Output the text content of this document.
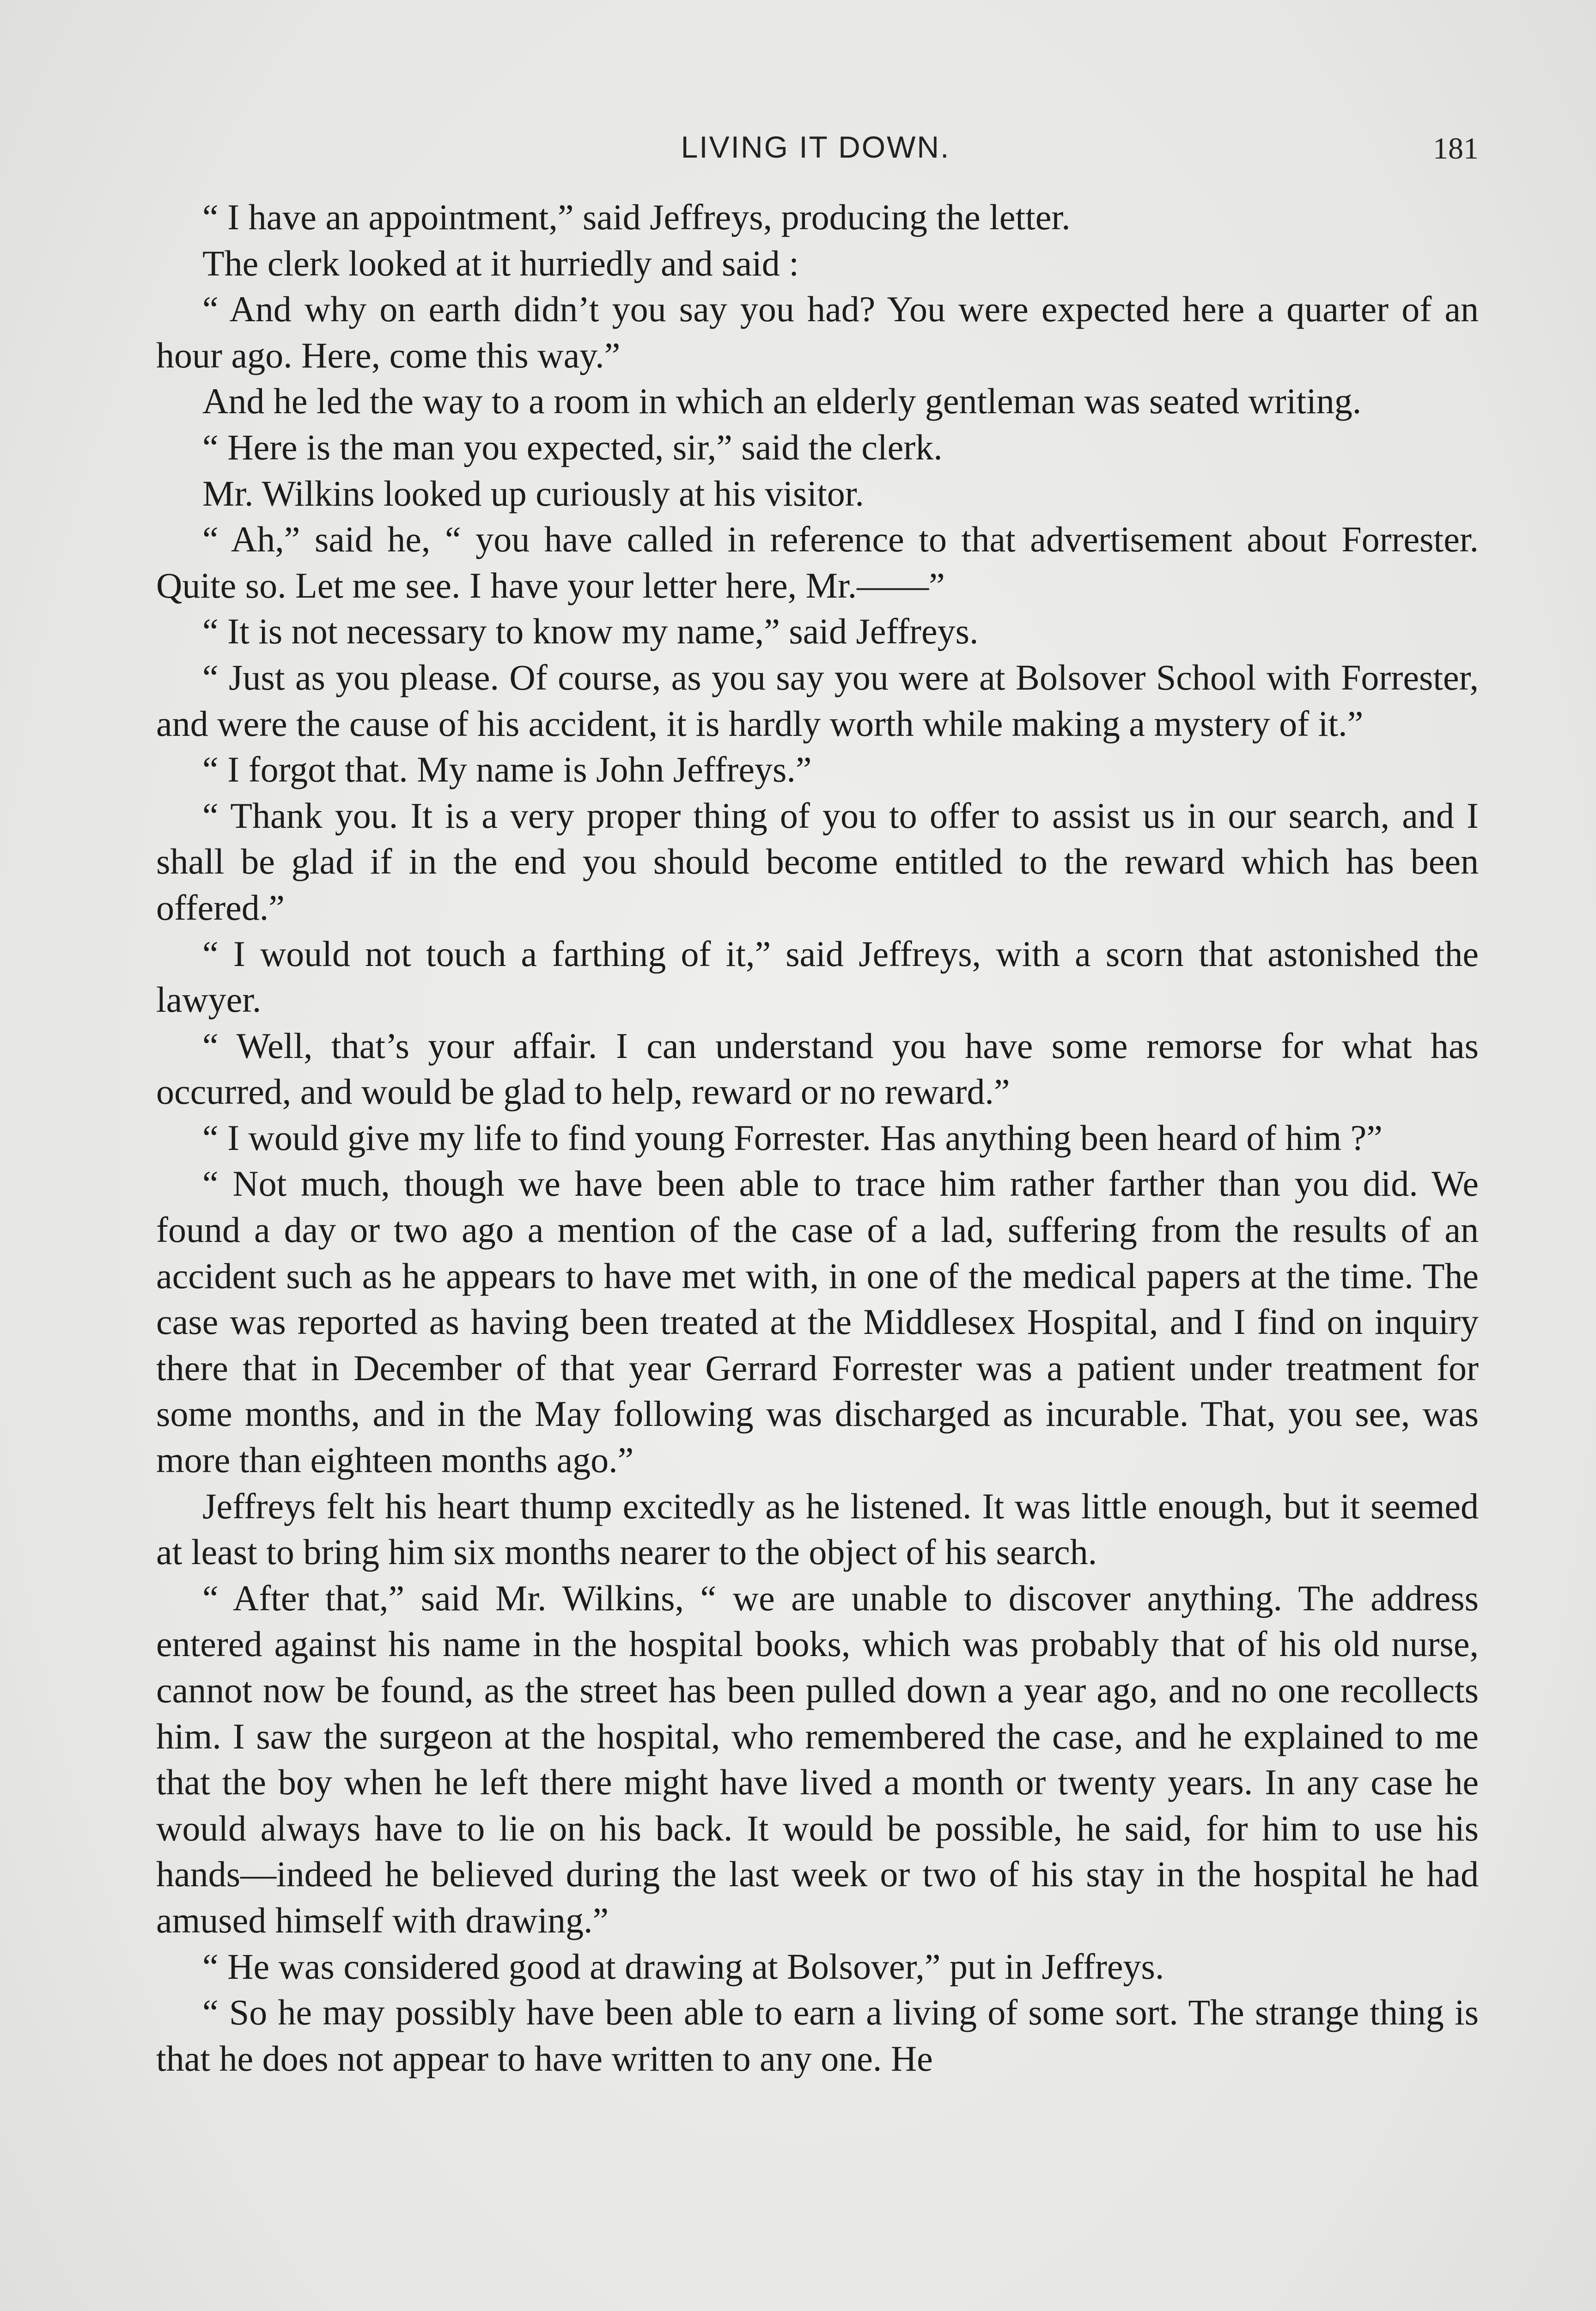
LIVING IT DOWN.	181

“ I have an appointment,” said Jeffreys, producing the letter.

The clerk looked at it hurriedly and said :

“ And why on earth didn’t you say you had? You were expected here a quarter of an hour ago. Here, come this way.”

And he led the way to a room in which an elderly gentleman was seated writing.

“ Here is the man you expected, sir,” said the clerk.

Mr. Wilkins looked up curiously at his visitor.

“ Ah,” said he, “ you have called in reference to that advertisement about Forrester. Quite so. Let me see. I have your letter here, Mr.——”

“ It is not necessary to know my name,” said Jeffreys.

“ Just as you please. Of course, as you say you were at Bolsover School with Forrester, and were the cause of his accident, it is hardly worth while making a mystery of it.”

“ I forgot that. My name is John Jeffreys.”

“ Thank you. It is a very proper thing of you to offer to assist us in our search, and I shall be glad if in the end you should become entitled to the reward which has been offered.”

“ I would not touch a farthing of it,” said Jeffreys, with a scorn that astonished the lawyer.

“ Well, that’s your affair. I can understand you have some remorse for what has occurred, and would be glad to help, reward or no reward.”

“ I would give my life to find young Forrester. Has anything been heard of him ?”

“ Not much, though we have been able to trace him rather farther than you did. We found a day or two ago a mention of the case of a lad, suffering from the results of an accident such as he appears to have met with, in one of the medical papers at the time. The case was reported as having been treated at the Middlesex Hospital, and I find on inquiry there that in December of that year Gerrard Forrester was a patient under treatment for some months, and in the May following was discharged as incurable. That, you see, was more than eighteen months ago.”

Jeffreys felt his heart thump excitedly as he listened. It was little enough, but it seemed at least to bring him six months nearer to the object of his search.

“ After that,” said Mr. Wilkins, “ we are unable to discover anything. The address entered against his name in the hospital books, which was probably that of his old nurse, cannot now be found, as the street has been pulled down a year ago, and no one recollects him. I saw the surgeon at the hospital, who remembered the case, and he explained to me that the boy when he left there might have lived a month or twenty years. In any case he would always have to lie on his back. It would be possible, he said, for him to use his hands—indeed he believed during the last week or two of his stay in the hospital he had amused himself with drawing.”

“ He was considered good at drawing at Bolsover,” put in Jeffreys.

“ So he may possibly have been able to earn a living of some sort. The strange thing is that he does not appear to have written to any one. He
